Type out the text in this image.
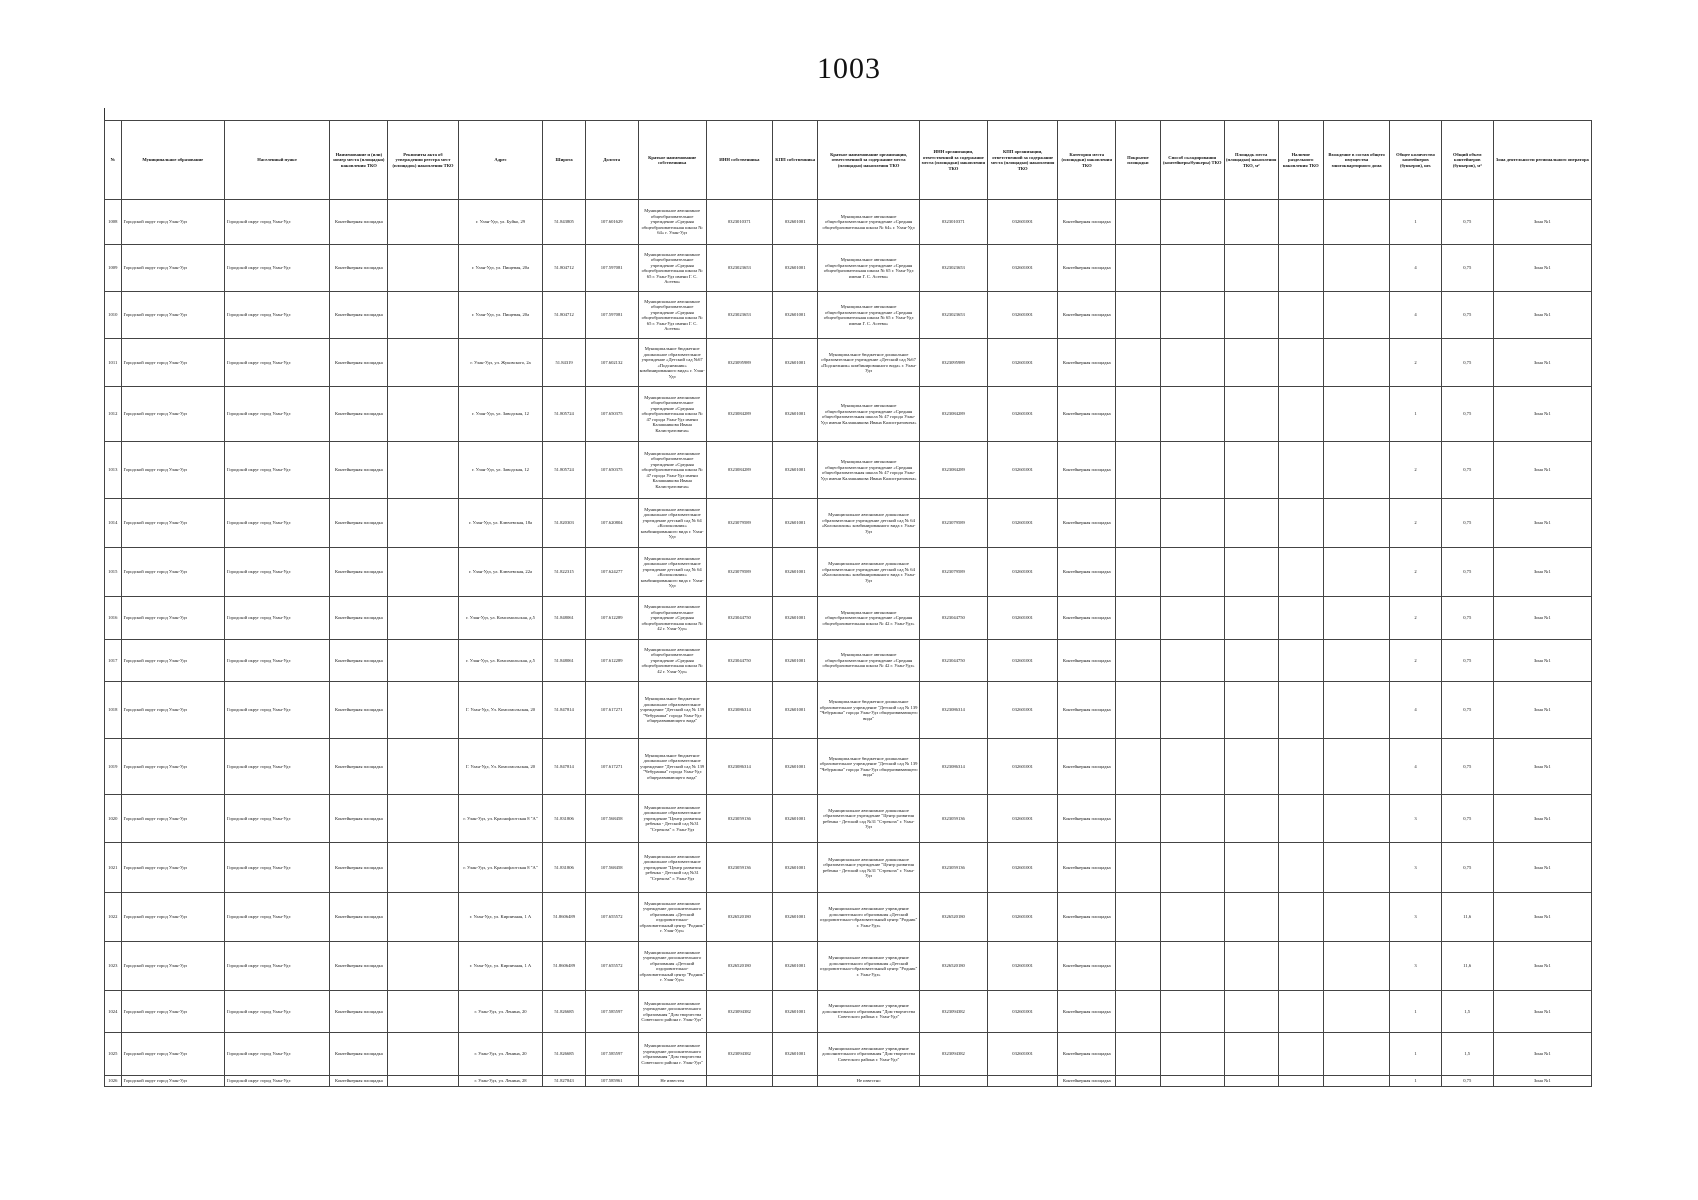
1003
№	Муниципальное образование	Населенный пункт	Наименование и (или) номер места (площадки) накопления ТКО	Реквизиты акта об утверждении реестра мест (площадок) накопления ТКО	Адрес	Широта	Долгота	Краткое наименование собственника	ИНН собственника	КПП собственника	Краткое наименование организации, ответственной за содержание места (площадки) накопления ТКО	ИНН организации, ответственной за содержание места (площадки) накопления ТКО	КПП организации, ответственной за содержание места (площадки) накопления ТКО	Категория места (площадки) накопления ТКО	Покрытие площадки	Способ складирования (контейнеры/бункеры) ТКО	Площадь места (площадки) накопления ТКО, м²	Наличие раздельного накопления ТКО	Вхождение в состав общего имущества многоквартирного дома	Общее количество контейнеров (бункеров), шт.	Общий объем контейнеров (бункеров), м³	Зона деятельности регионального оператора
1008	Городской округ город Улан-Удэ	Городской округ город Улан-Удэ	Контейнерная площадка		г. Улан-Удэ, ул. Буйко, 29	51.843805	107.601629	Муниципальное автономное общеобразовательное учреждение «Средняя общеобразовательная школа № 64» г. Улан-Удэ	0323010371	032601001	Муниципальное автономное общеобразовательное учреждение «Средняя общеобразовательная школа № 64» г. Улан-Удэ	0323010371	032601001	Контейнерная площадка						1	0,75	Зона №1
1009	Городской округ город Улан-Удэ	Городской округ город Улан-Удэ	Контейнерная площадка		г. Улан-Удэ, ул. Пищевая, 20а	51.804712	107.597081	Муниципальное автономное общеобразовательное учреждение «Средняя общеобразовательная школа № 65 г. Улан-Удэ имени Г. С. Асеева»	0323023653	032601001	Муниципальное автономное общеобразовательное учреждение «Средняя общеобразовательная школа № 65 г. Улан-Удэ имени Г. С. Асеева»	0323023653	032601001	Контейнерная площадка						4	0,75	Зона №1
1010	Городской округ город Улан-Удэ	Городской округ город Улан-Удэ	Контейнерная площадка		г. Улан-Удэ, ул. Пищевая, 20а	51.804712	107.597081	Муниципальное автономное общеобразовательное учреждение «Средняя общеобразовательная школа № 65 г. Улан-Удэ имени Г. С. Асеева»	0323023653	032601001	Муниципальное автономное общеобразовательное учреждение «Средняя общеобразовательная школа № 65 г. Улан-Удэ имени Г. С. Асеева»	0323023653	032601001	Контейнерная площадка						4	0,75	Зона №1
1011	Городской округ город Улан-Удэ	Городской округ город Улан-Удэ	Контейнерная площадка		г. Улан-Удэ, ул. Жуковского, 2а	51.84319	107.602132	Муниципальное бюджетное дошкольное образовательное учреждение «Детский сад №67 «Подснежник» комбинированного вида» г. Улан-Удэ	0323095989	032601001	Муниципальное бюджетное дошкольное образовательное учреждение «Детский сад №67 «Подснежник» комбинированного вида» г. Улан-Удэ	0323095989	032601001	Контейнерная площадка						2	0,75	Зона №1
1012	Городской округ город Улан-Удэ	Городской округ город Улан-Удэ	Контейнерная площадка		г. Улан-Удэ, ул. Заводская, 12	51.805724	107.650375	Муниципальное автономное общеобразовательное учреждение «Средняя общеобразовательная школа № 47 города Улан-Удэ имени Калашникова Ивана Калистратовича»	0323084289	032601001	Муниципальное автономное общеобразовательное учреждение «Средняя общеобразовательная школа № 47 города Улан-Удэ имени Калашникова Ивана Калистратовича»	0323084289	032601001	Контейнерная площадка						1	0,75	Зона №1
1013	Городской округ город Улан-Удэ	Городской округ город Улан-Удэ	Контейнерная площадка		г. Улан-Удэ, ул. Заводская, 12	51.805724	107.650375	Муниципальное автономное общеобразовательное учреждение «Средняя общеобразовательная школа № 47 города Улан-Удэ имени Калашникова Ивана Калистратовича»	0323084289	032601001	Муниципальное автономное общеобразовательное учреждение «Средняя общеобразовательная школа № 47 города Улан-Удэ имени Калашникова Ивана Калистратовича»	0323084289	032601001	Контейнерная площадка						2	0,75	Зона №1
1014	Городской округ город Улан-Удэ	Городской округ город Улан-Удэ	Контейнерная площадка		г. Улан-Удэ, ул. Ключевская, 18а	51.820303	107.620804	Муниципальное автономное дошкольное образовательное учреждение детский сад № 64 «Колокольчик» комбинированного вида г. Улан-Удэ	0323079589	032601001	Муниципальное автономное дошкольное образовательное учреждение детский сад № 64 «Колокольчик» комбинированного вида г. Улан-Удэ	0323079589	032601001	Контейнерная площадка						2	0,75	Зона №1
1015	Городской округ город Улан-Удэ	Городской округ город Улан-Удэ	Контейнерная площадка		г. Улан-Удэ, ул. Ключевская, 22а	51.822315	107.624277	Муниципальное автономное дошкольное образовательное учреждение детский сад № 64 «Колокольчик» комбинированного вида г. Улан-Удэ	0323079589	032601001	Муниципальное автономное дошкольное образовательное учреждение детский сад № 64 «Колокольчик» комбинированного вида г. Улан-Удэ	0323079589	032601001	Контейнерная площадка						2	0,75	Зона №1
1016	Городской округ город Улан-Удэ	Городской округ город Улан-Удэ	Контейнерная площадка		г. Улан-Удэ, ул. Комсомольская, д.5	51.848061	107.612289	Муниципальное автономное общеобразовательное учреждение «Средняя общеобразовательная школа № 42 г. Улан-Удэ»	0323044750	032601001	Муниципальное автономное общеобразовательное учреждение «Средняя общеобразовательная школа № 42 г. Улан-Удэ»	0323044750	032601001	Контейнерная площадка						2	0,75	Зона №1
1017	Городской округ город Улан-Удэ	Городской округ город Улан-Удэ	Контейнерная площадка		г. Улан-Удэ, ул. Комсомольская, д.5	51.848061	107.612289	Муниципальное автономное общеобразовательное учреждение «Средняя общеобразовательная школа № 42 г. Улан-Удэ»	0323044750	032601001	Муниципальное автономное общеобразовательное учреждение «Средняя общеобразовательная школа № 42 г. Улан-Удэ»	0323044750	032601001	Контейнерная площадка						2	0,75	Зона №1
1018	Городской округ город Улан-Удэ	Городской округ город Улан-Удэ	Контейнерная площадка		Г. Улан-Удэ, Ул. Комсомольская, 20	51.847814	107.617271	Муниципальное бюджетное дошкольное образовательное учреждение "Детский сад № 139 "Чебурашка" города Улан-Удэ общеразвивающего вида"	0323086314	032601001	Муниципальное бюджетное дошкольное образовательное учреждение "Детский сад № 139 "Чебурашка" города Улан-Удэ общеразвивающего вида"	0323086314	032601001	Контейнерная площадка						4	0,75	Зона №1
1019	Городской округ город Улан-Удэ	Городской округ город Улан-Удэ	Контейнерная площадка		Г. Улан-Удэ, Ул. Комсомольская, 20	51.847814	107.617271	Муниципальное бюджетное дошкольное образовательное учреждение "Детский сад № 139 "Чебурашка" города Улан-Удэ общеразвивающего вида"	0323086314	032601001	Муниципальное бюджетное дошкольное образовательное учреждение "Детский сад № 139 "Чебурашка" города Улан-Удэ общеразвивающего вида"	0323086314	032601001	Контейнерная площадка						4	0,75	Зона №1
1020	Городской округ город Улан-Удэ	Городской округ город Улан-Удэ	Контейнерная площадка		г. Улан-Удэ, ул. Краснофлотская 8 "А"	51.831806	107.568458	Муниципальное автономное дошкольное образовательное учреждение "Центр развития ребенка - Детский сад №31 "Стрекоза" г. Улан-Удэ	0323059136	032601001	Муниципальное автономное дошкольное образовательное учреждение "Центр развития ребенка - Детский сад №31 "Стрекоза" г. Улан-Удэ	0323059136	032601001	Контейнерная площадка						3	0,75	Зона №1
1021	Городской округ город Улан-Удэ	Городской округ город Улан-Удэ	Контейнерная площадка		г. Улан-Удэ, ул. Краснофлотская 8 "А"	51.831806	107.568458	Муниципальное автономное дошкольное образовательное учреждение "Центр развития ребенка - Детский сад №31 "Стрекоза" г. Улан-Удэ	0323059136	032601001	Муниципальное автономное дошкольное образовательное учреждение "Центр развития ребенка - Детский сад №31 "Стрекоза" г. Улан-Удэ	0323059136	032601001	Контейнерная площадка						3	0,75	Зона №1
1022	Городской округ город Улан-Удэ	Городской округ город Улан-Удэ	Контейнерная площадка		г. Улан-Удэ, ул. Кирпичная, 1 А	51.8606489	107.655572	Муниципальное автономное учреждение дополнительного образования «Детский оздоровительно-образовательный центр "Родник" г. Улан-Удэ»	0326520180	032601001	Муниципальное автономное учреждение дополнительного образования «Детский оздоровительно-образовательный центр "Родник" г. Улан-Удэ»	0326520180	032601001	Контейнерная площадка						3	11,6	Зона №1
1023	Городской округ город Улан-Удэ	Городской округ город Улан-Удэ	Контейнерная площадка		г. Улан-Удэ, ул. Кирпичная, 1 А	51.8606489	107.655572	Муниципальное автономное учреждение дополнительного образования «Детский оздоровительно-образовательный центр "Родник" г. Улан-Удэ»	0326520180	032601001	Муниципальное автономное учреждение дополнительного образования «Детский оздоровительно-образовательный центр "Родник" г. Улан-Удэ»	0326520180	032601001	Контейнерная площадка						3	11,6	Зона №1
1024	Городской округ город Улан-Удэ	Городской округ город Улан-Удэ	Контейнерная площадка		г. Улан-Удэ, ул. Ленина, 20	51.826685	107.585597	Муниципальное автономное учреждение дополнительного образования "Дом творчества Советского района г. Улан-Удэ"	0323094382	032601001	Муниципальное автономное учреждение дополнительного образования "Дом творчества Советского района г. Улан-Удэ"	0323094382	032601001	Контейнерная площадка						1	1,5	Зона №1
1025	Городской округ город Улан-Удэ	Городской округ город Улан-Удэ	Контейнерная площадка		г. Улан-Удэ, ул. Ленина, 20	51.826685	107.585597	Муниципальное автономное учреждение дополнительного образования "Дом творчества Советского района г. Улан-Удэ"	0323094382	032601001	Муниципальное автономное учреждение дополнительного образования "Дом творчества Советского района г. Улан-Удэ"	0323094382	032601001	Контейнерная площадка						1	1,5	Зона №1
1026	Городской округ город Улан-Удэ	Городской округ город Улан-Удэ	Контейнерная площадка		г. Улан-Удэ, ул. Ленина, 28	51.827843	107.585961	Не известен			Не известно			Контейнерная площадка						1	0,75	Зона №1
